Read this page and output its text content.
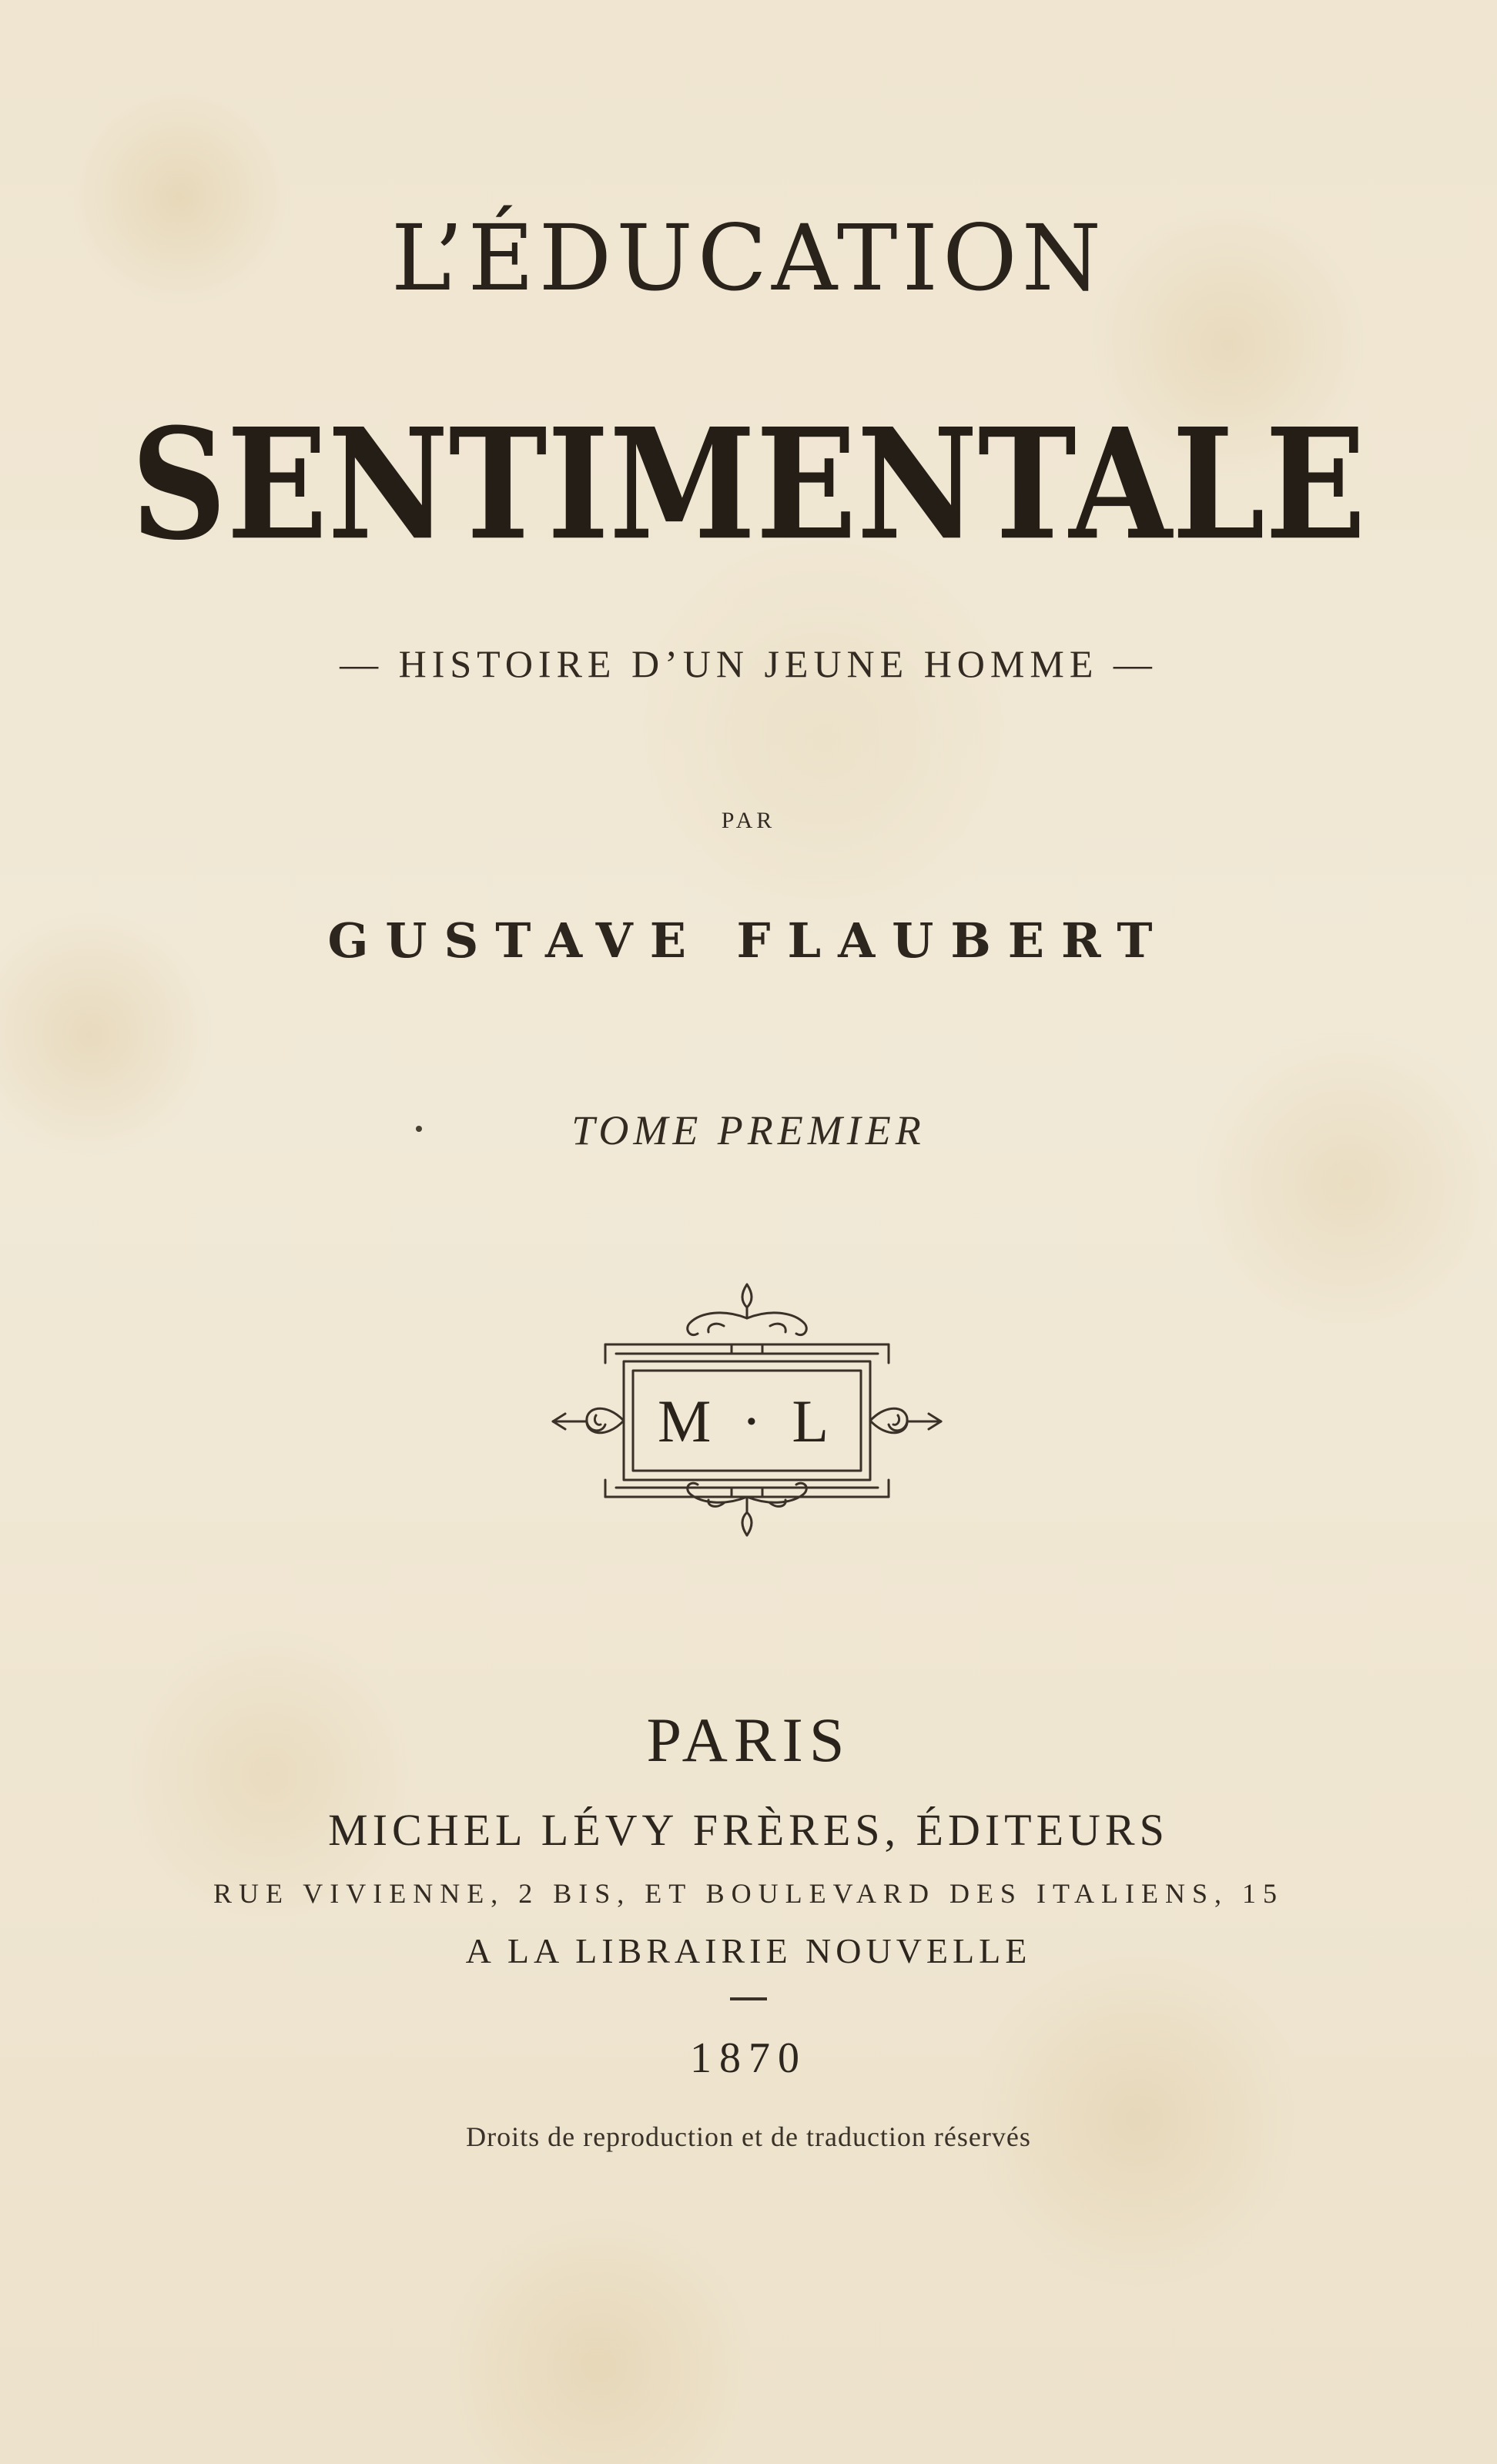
L’ÉDUCATION
SENTIMENTALE
— HISTOIRE D’UN JEUNE HOMME —
PAR
GUSTAVE FLAUBERT
TOME PREMIER
M · L
PARIS
MICHEL LÉVY FRÈRES, ÉDITEURS
RUE VIVIENNE, 2 BIS, ET BOULEVARD DES ITALIENS, 15
A LA LIBRAIRIE NOUVELLE
1870
Droits de reproduction et de traduction réservés
